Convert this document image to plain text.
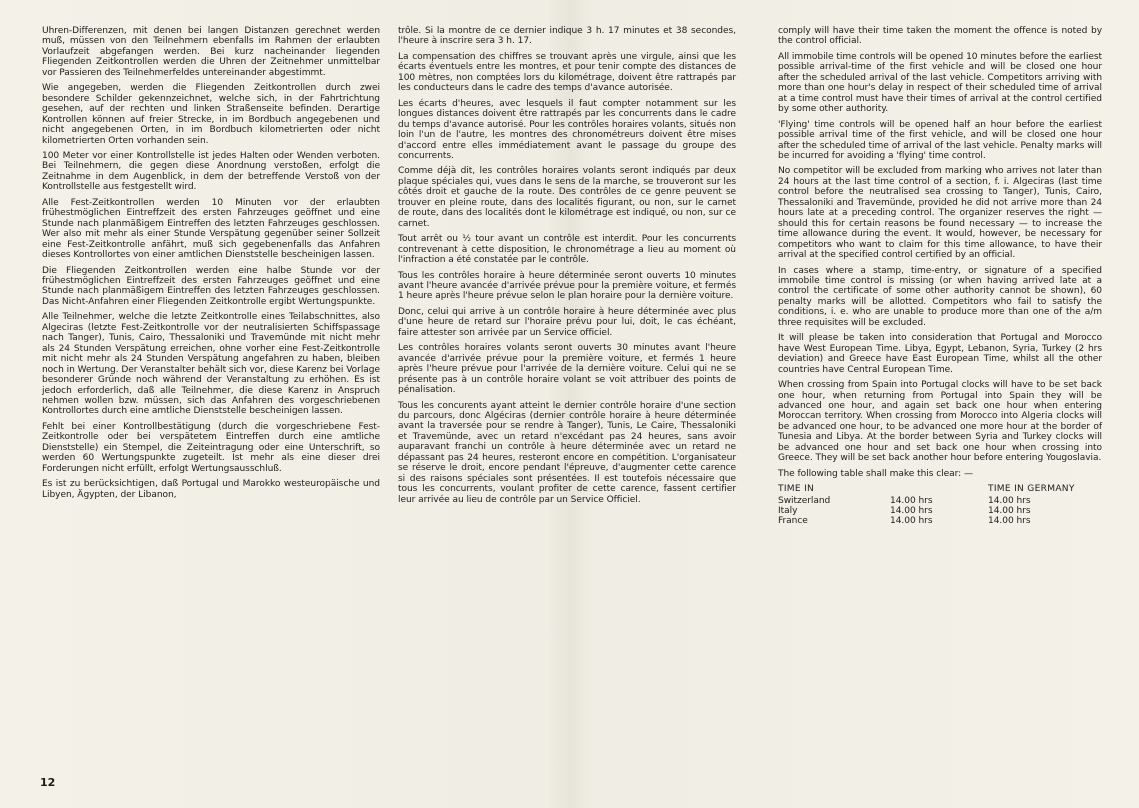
Uhren-Differenzen, mit denen bei langen Distanzen gerechnet werden muß, müssen von den Teilnehmern ebenfalls im Rahmen der erlaubten Vorlaufzeit abgefangen werden. Bei kurz nacheinander liegenden Fliegenden Zeitkontrollen werden die Uhren der Zeitnehmer unmittelbar vor Passieren des Teilnehmerfeldes untereinander abgestimmt.

Wie angegeben, werden die Fliegenden Zeitkontrollen durch zwei besondere Schilder gekennzeichnet, welche sich, in der Fahrtrichtung gesehen, auf der rechten und linken Straßenseite befinden. Derartige Kontrollen können auf freier Strecke, in im Bordbuch angegebenen und nicht angegebenen Orten, in im Bordbuch kilometrierten oder nicht kilometrierten Orten vorhanden sein.

100 Meter vor einer Kontrollstelle ist jedes Halten oder Wenden verboten. Bei Teilnehmern, die gegen diese Anordnung verstoßen, erfolgt die Zeitnahme in dem Augenblick, in dem der betreffende Verstoß von der Kontrollstelle aus festgestellt wird.

Alle Fest-Zeitkontrollen werden 10 Minuten vor der erlaubten frühestmöglichen Eintreffzeit des ersten Fahrzeuges geöffnet und eine Stunde nach planmäßigem Eintreffen des letzten Fahrzeuges geschlossen. Wer also mit mehr als einer Stunde Verspätung gegenüber seiner Sollzeit eine Fest-Zeitkontrolle anfährt, muß sich gegebenenfalls das Anfahren dieses Kontrollortes von einer amtlichen Dienststelle bescheinigen lassen.

Die Fliegenden Zeitkontrollen werden eine halbe Stunde vor der frühestmöglichen Eintreffzeit des ersten Fahrzeuges geöffnet und eine Stunde nach planmäßigem Eintreffen des letzten Fahrzeuges geschlossen. Das Nicht-Anfahren einer Fliegenden Zeitkontrolle ergibt Wertungspunkte.

Alle Teilnehmer, welche die letzte Zeitkontrolle eines Teilabschnittes, also Algeciras (letzte Fest-Zeitkontrolle vor der neutralisierten Schiffspassage nach Tanger), Tunis, Cairo, Thessaloniki und Travemünde mit nicht mehr als 24 Stunden Verspätung erreichen, ohne vorher eine Fest-Zeitkontrolle mit nicht mehr als 24 Stunden Verspätung angefahren zu haben, bleiben noch in Wertung. Der Veranstalter behält sich vor, diese Karenz bei Vorlage besonderer Gründe noch während der Veranstaltung zu erhöhen. Es ist jedoch erforderlich, daß alle Teilnehmer, die diese Karenz in Anspruch nehmen wollen bzw. müssen, sich das Anfahren des vorgeschriebenen Kontrollortes durch eine amtliche Dienststelle bescheinigen lassen.

Fehlt bei einer Kontrollbestätigung (durch die vorgeschriebene Fest-Zeitkontrolle oder bei verspätetem Eintreffen durch eine amtliche Dienststelle) ein Stempel, die Zeiteintragung oder eine Unterschrift, so werden 60 Wertungspunkte zugeteilt. Ist mehr als eine dieser drei Forderungen nicht erfüllt, erfolgt Wertungsausschluß.

Es ist zu berücksichtigen, daß Portugal und Marokko westeuropäische und Libyen, Ägypten, der Libanon,

trôle. Si la montre de ce dernier indique 3 h. 17 minutes et 38 secondes, l'heure à inscrire sera 3 h. 17.

La compensation des chiffres se trouvant après une virgule, ainsi que les écarts éventuels entre les montres, et pour tenir compte des distances de 100 mètres, non comptées lors du kilométrage, doivent être rattrapés par les conducteurs dans le cadre des temps d'avance autorisée.

Les écarts d'heures, avec lesquels il faut compter notamment sur les longues distances doivent être rattrapés par les concurrents dans le cadre du temps d'avance autorisé. Pour les contrôles horaires volants, situés non loin l'un de l'autre, les montres des chronométreurs doivent être mises d'accord entre elles immédiatement avant le passage du groupe des concurrents.

Comme déjà dit, les contrôles horaires volants seront indiqués par deux plaque spéciales qui, vues dans le sens de la marche, se trouveront sur les côtés droit et gauche de la route. Des contrôles de ce genre peuvent se trouver en pleine route, dans des localités figurant, ou non, sur le carnet de route, dans des localités dont le kilométrage est indiqué, ou non, sur ce carnet.

Tout arrêt ou ½ tour avant un contrôle est interdit. Pour les concurrents contrevenant à cette disposition, le chronométrage a lieu au moment où l'infraction a été constatée par le contrôle.

Tous les contrôles horaire à heure déterminée seront ouverts 10 minutes avant l'heure avancée d'arrivée prévue pour la première voiture, et fermés 1 heure après l'heure prévue selon le plan horaire pour la dernière voiture.

Donc, celui qui arrive à un contrôle horaire à heure déterminée avec plus d'une heure de retard sur l'horaire prévu pour lui, doit, le cas échéant, faire attester son arrivée par un Service officiel.

Les contrôles horaires volants seront ouverts 30 minutes avant l'heure avancée d'arrivée prévue pour la première voiture, et fermés 1 heure après l'heure prévue pour l'arrivée de la dernière voiture. Celui qui ne se présente pas à un contrôle horaire volant se voit attribuer des points de pénalisation.

Tous les concurents ayant atteint le dernier contrôle horaire d'une section du parcours, donc Algéciras (dernier contrôle horaire à heure déterminée avant la traversée pour se rendre à Tanger), Tunis, Le Caire, Thessaloniki et Travemünde, avec un retard n'excédant pas 24 heures, sans avoir auparavant franchi un contrôle à heure déterminée avec un retard ne dépassant pas 24 heures, resteront encore en compétition. L'organisateur se réserve le droit, encore pendant l'épreuve, d'augmenter cette carence si des raisons spéciales sont présentées. Il est toutefois nécessaire que tous les concurrents, voulant profiter de cette carence, fassent certifier leur arrivée au lieu de contrôle par un Service Officiel.

comply will have their time taken the moment the offence is noted by the control official.

All immobile time controls will be opened 10 minutes before the earliest possible arrival-time of the first vehicle and will be closed one hour after the scheduled arrival of the last vehicle. Competitors arriving with more than one hour's delay in respect of their scheduled time of arrival at a time control must have their times of arrival at the control certified by some other authority.

'Flying' time controls will be opened half an hour before the earliest possible arrival time of the first vehicle, and will be closed one hour after the scheduled time of arrival of the last vehicle. Penalty marks will be incurred for avoiding a 'flying' time control.

No competitor will be excluded from marking who arrives not later than 24 hours at the last time control of a section, f. i. Algeciras (last time control before the neutralised sea crossing to Tanger), Tunis, Cairo, Thessaloniki and Travemünde, provided he did not arrive more than 24 hours late at a preceding control. The organizer reserves the right — should this for certain reasons be found necessary — to increase the time allowance during the event. It would, however, be necessary for competitors who want to claim for this time allowance, to have their arrival at the specified control certified by an official.

In cases where a stamp, time-entry, or signature of a specified immobile time control is missing (or when having arrived late at a control the certificate of some other authority cannot be shown), 60 penalty marks will be allotted. Competitors who fail to satisfy the conditions, i. e. who are unable to produce more than one of the a/m three requisites will be excluded.

It will please be taken into consideration that Portugal and Morocco have West European Time. Libya, Egypt, Lebanon, Syria, Turkey (2 hrs deviation) and Greece have East European Time, whilst all the other countries have Central European Time.

When crossing from Spain into Portugal clocks will have to be set back one hour, when returning from Portugal into Spain they will be advanced one hour, and again set back one hour when entering Moroccan territory. When crossing from Morocco into Algeria clocks will be advanced one hour, to be advanced one more hour at the border of Tunesia and Libya. At the border between Syria and Turkey clocks will be advanced one hour and set back one hour when crossing into Greece. They will be set back another hour before entering Yougoslavia.

The following table shall make this clear: —

TIME IN			TIME IN GERMANY
Switzerland	14.00 hrs		14.00 hrs
Italy	14.00 hrs		14.00 hrs
France	14.00 hrs		14.00 hrs
12
